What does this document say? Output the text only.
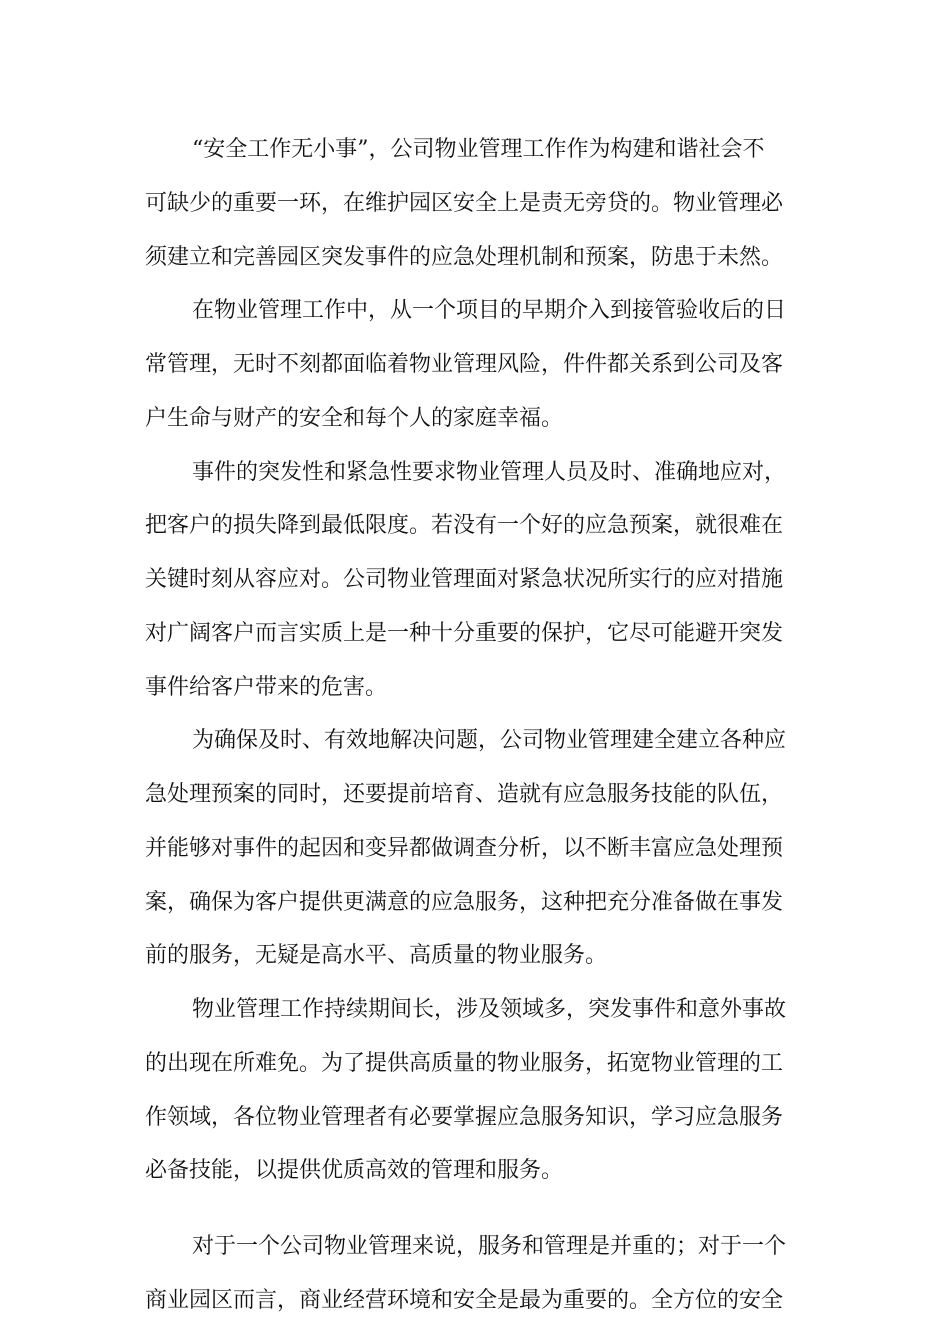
“安全工作无小事”，公司物业管理工作作为构建和谐社会不
可缺少的重要一环，在维护园区安全上是责无旁贷的。物业管理必
须建立和完善园区突发事件的应急处理机制和预案，防患于未然。
在物业管理工作中，从一个项目的早期介入到接管验收后的日
常管理，无时不刻都面临着物业管理风险，件件都关系到公司及客
户生命与财产的安全和每个人的家庭幸福。
事件的突发性和紧急性要求物业管理人员及时、准确地应对，
把客户的损失降到最低限度。若没有一个好的应急预案，就很难在
关键时刻从容应对。公司物业管理面对紧急状况所实行的应对措施
对广阔客户而言实质上是一种十分重要的保护，它尽可能避开突发
事件给客户带来的危害。
为确保及时、有效地解决问题，公司物业管理建全建立各种应
急处理预案的同时，还要提前培育、造就有应急服务技能的队伍，
并能够对事件的起因和变异都做调查分析，以不断丰富应急处理预
案，确保为客户提供更满意的应急服务，这种把充分准备做在事发
前的服务，无疑是高水平、高质量的物业服务。
物业管理工作持续期间长，涉及领域多，突发事件和意外事故
的出现在所难免。为了提供高质量的物业服务，拓宽物业管理的工
作领域，各位物业管理者有必要掌握应急服务知识，学习应急服务
必备技能，以提供优质高效的管理和服务。
对于一个公司物业管理来说，服务和管理是并重的；对于一个
商业园区而言，商业经营环境和安全是最为重要的。全方位的安全
